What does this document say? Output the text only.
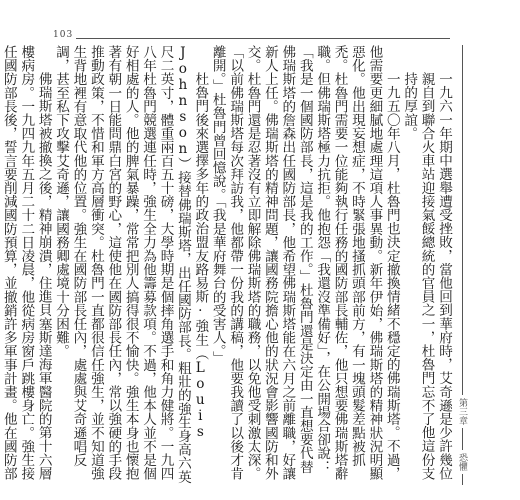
103

一九六一年期中選舉遭受挫敗，當他回到華府時，艾奇遜是少許幾位親自到聯合火車站迎接氣餒總統的官員之一，杜魯門忘不了他這份支持的厚誼。

一九五〇年八月，杜魯門也決定撤換情緒不穩定的佛瑞斯塔。不過，他需要更細膩地處理這項人事異動。新年伊始，佛瑞斯塔的精神狀況明顯惡化。他出現妄想症，不時緊張地搔抓頭部前方，有一塊頭髮差點被抓禿。杜魯門需要一位能夠執行任務的國防部長輔佐，他只想要佛瑞斯塔辭職。但佛瑞斯塔極力抗拒。他抱怨「我還沒準備好」，在公開場合卻說：「我是一個國防部長，這是我的工作。」杜魯門還是決定由一直想要代替佛瑞斯塔的詹森出任國防部長，他希望佛瑞斯塔能在六月之前離職，好讓新人上任。佛瑞斯塔的精神問題，讓國務院擔心他的狀況會影響國防和外交。杜魯門還是忍著沒有立即解除佛瑞斯塔的職務，以免他受刺激太深。「以前佛瑞斯塔每次拜訪我，他都帶一份我的講稿，他要我讀了以後才肯離開。」杜魯門曾回憶說。「我是華府舞台的受害人。」

杜魯門後來選擇多年的政治盟友路易斯·強生（Louis Johnson）接替佛瑞斯塔，出任國防部長。粗壯的強生身高六英尺二英寸，體重兩百五十磅，大學時期是個摔角選手和角力健將。一九四八年杜魯門競選連任時，強生全力為他籌募款項。不過，他本人並不是個好相處的人。他的脾氣暴躁，常常把別人搞得很不愉快。強生本身也懷抱著有朝一日能問鼎白宮的野心，這使他在國防部長任內，常以強硬的手段推動政策，不惜和軍方高層衝突。杜魯門一直都很信任強生，並不知道強生背地裡有意取代他的位置。強生在國防部長任內，處處與艾奇遜唱反調，甚至私下攻擊艾奇遜，讓國務卿處境十分困難。

佛瑞斯塔被撤換之後，精神崩潰，住進貝塞斯達海軍醫院的第十六層樓病房。一九四九年五月二十二日凌晨，他從病房窗戶跳樓身亡。強生接任國防部長後，誓言要削減國防預算，並撤銷許多軍事計畫。他在國防部

第三章
恐懼
